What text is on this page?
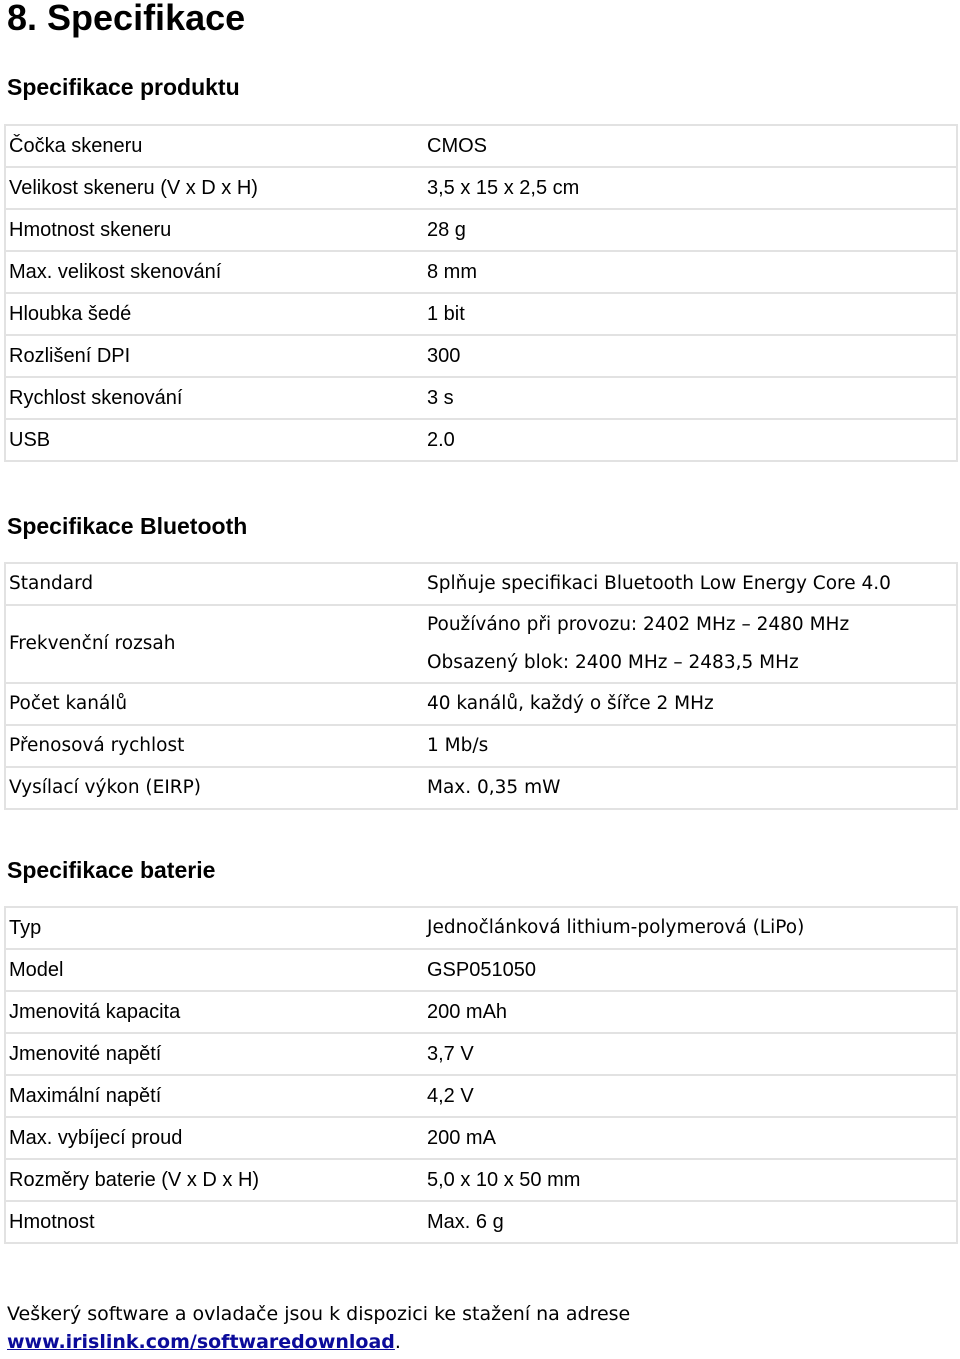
8. Specifikace
Specifikace produktu
Čočka skeneru	CMOS
Velikost skeneru (V x D x H)	3,5 x 15 x 2,5 cm
Hmotnost skeneru	28 g
Max. velikost skenování	8 mm
Hloubka šedé	1 bit
Rozlišení DPI	300
Rychlost skenování	3 s
USB	2.0
Specifikace Bluetooth
Standard	Splňuje specifikaci Bluetooth Low Energy Core 4.0
Frekvenční rozsah	Používáno při provozu: 2402 MHz – 2480 MHz
Obsazený blok: 2400 MHz – 2483,5 MHz

Počet kanálů	40 kanálů, každý o šířce 2 MHz
Přenosová rychlost	1 Mb/s
Vysílací výkon (EIRP)	Max. 0,35 mW
Specifikace baterie
Typ	Jednočlánková lithium-polymerová (LiPo)
Model	GSP051050
Jmenovitá kapacita	200 mAh
Jmenovité napětí	3,7 V
Maximální napětí	4,2 V
Max. vybíjecí proud	200 mA
Rozměry baterie (V x D x H)	5,0 x 10 x 50 mm
Hmotnost	Max. 6 g

Veškerý software a ovladače jsou k dispozici ke stažení na adrese
www.irislink.com/softwaredownload.
